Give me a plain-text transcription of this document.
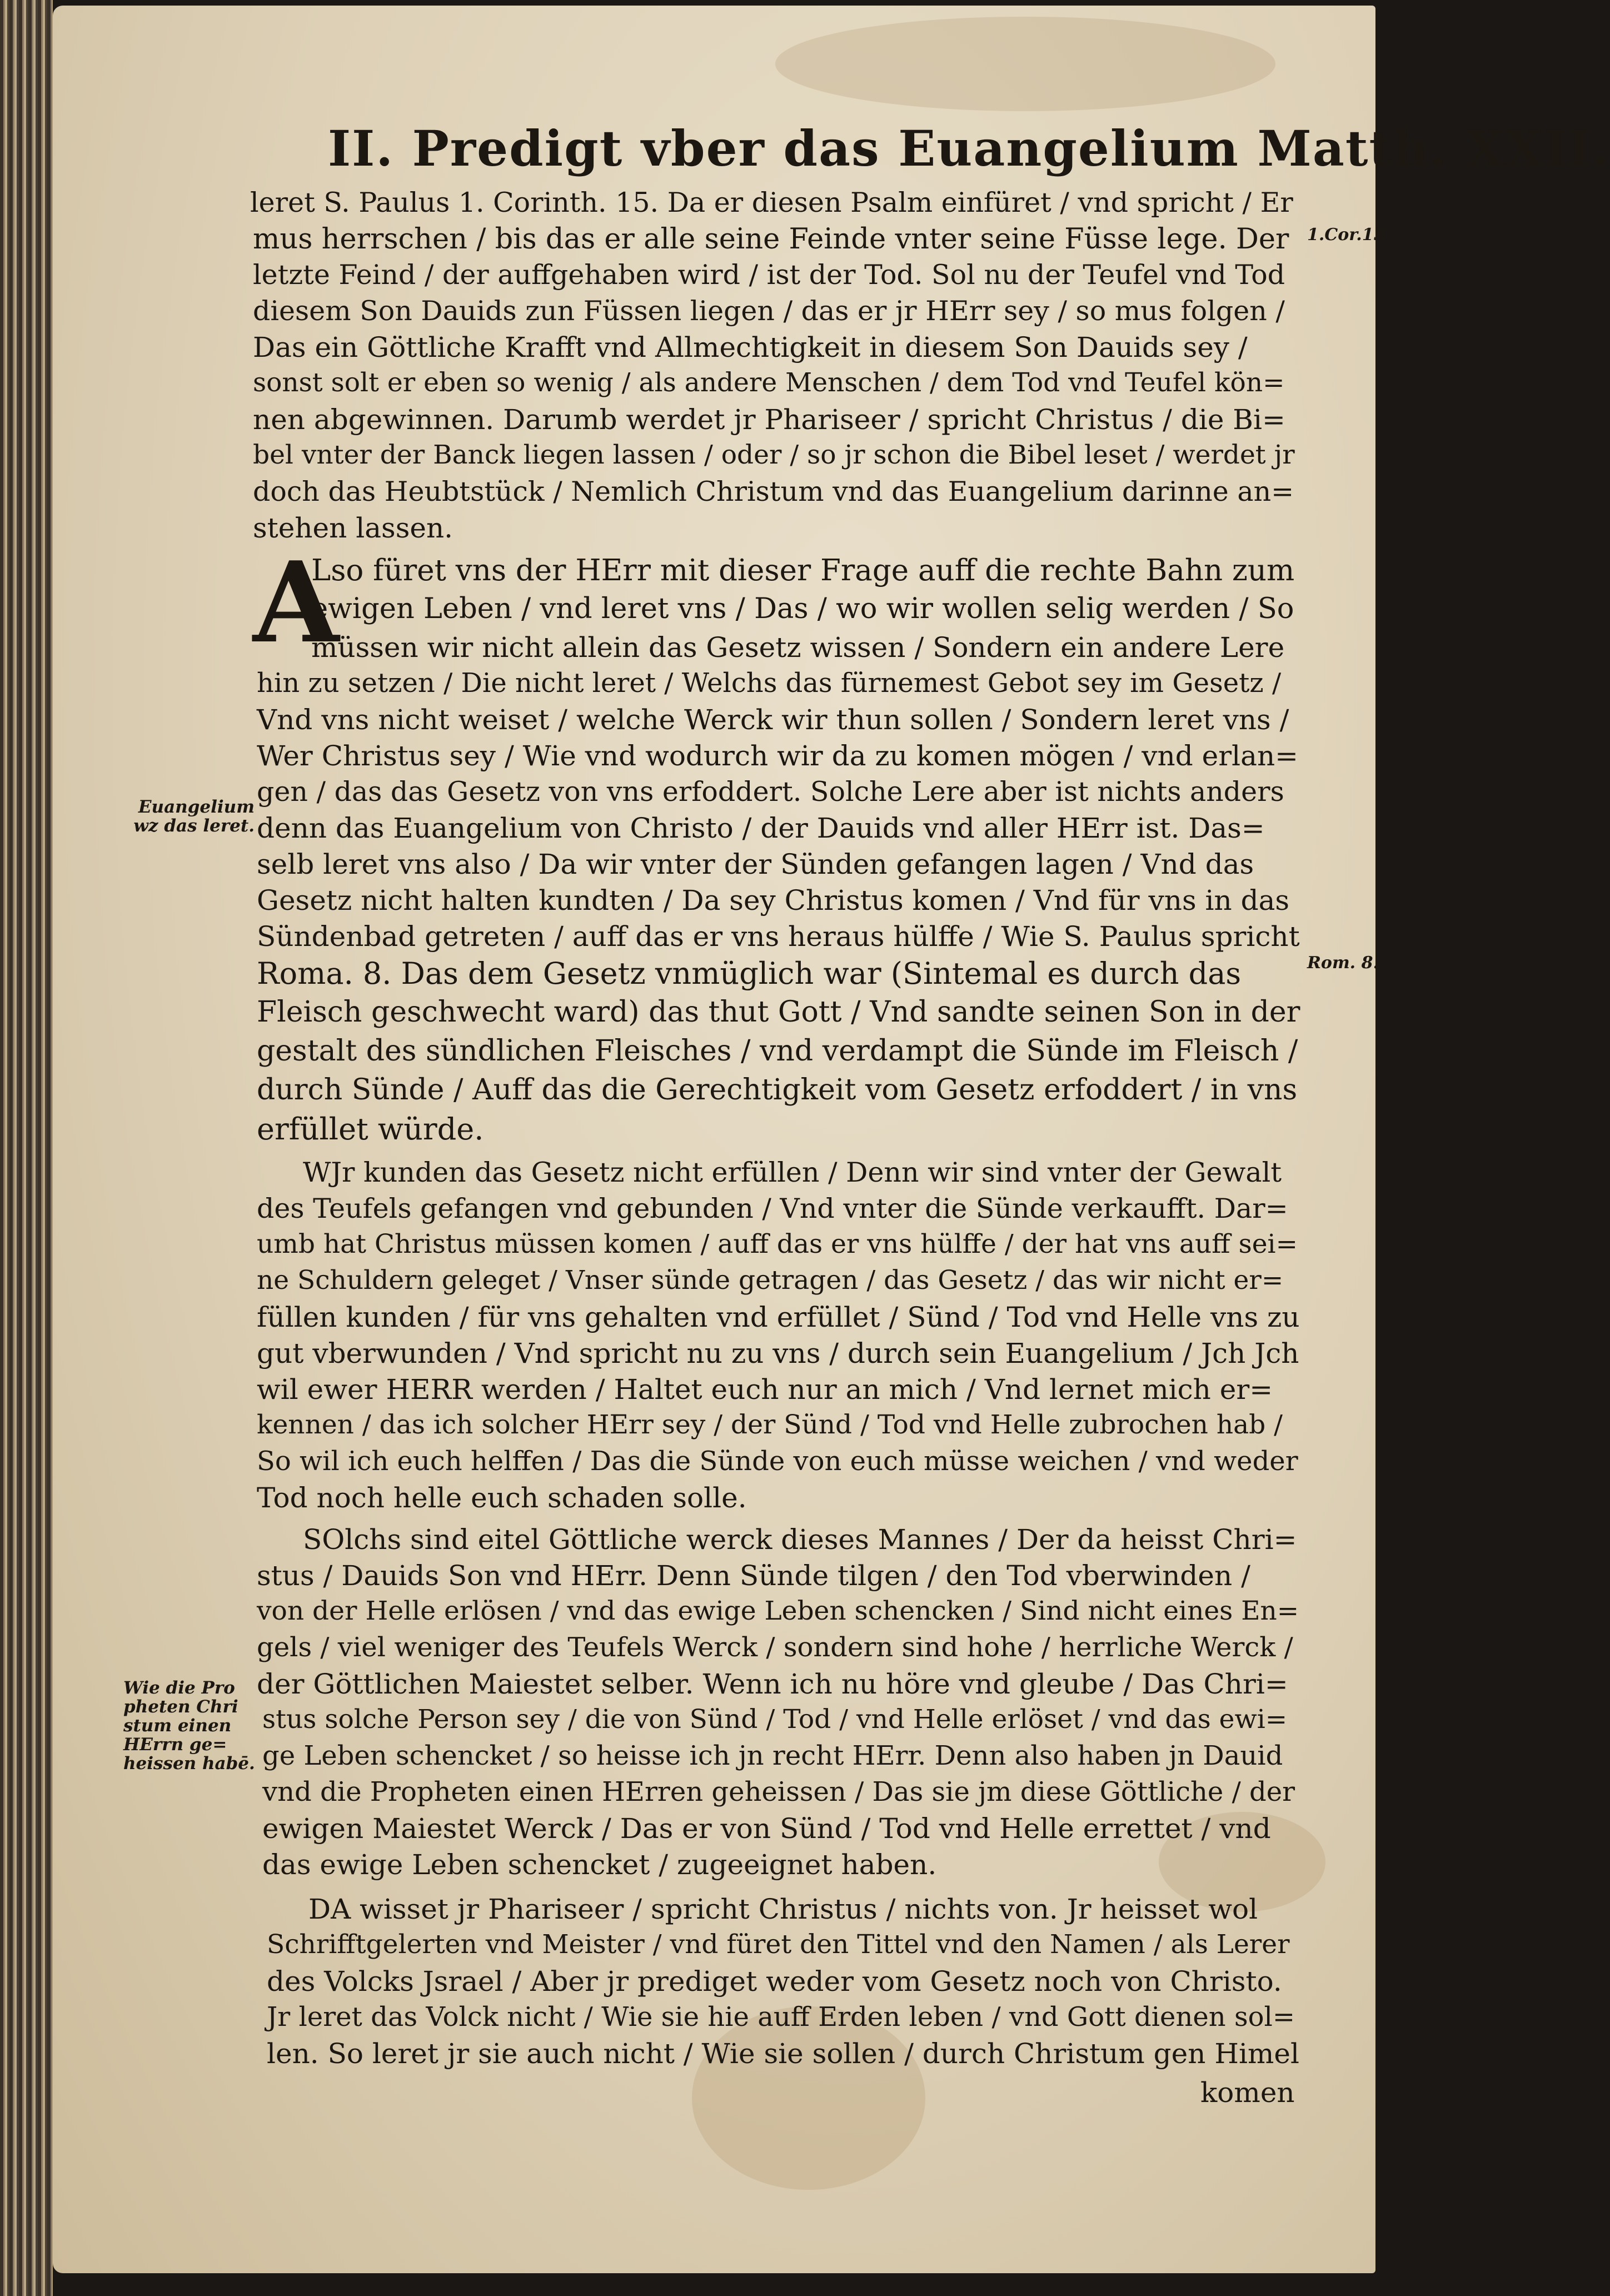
II. Predigt vber das Euangelium Matth. XXII.
1.Cor.15.
Rom. 8.
Euangelium
wz das leret.
Wie die Pro
pheten Chri
stum einen
HErrn ge=
heissen habē.
A
leret S. Paulus 1. Corinth. 15. Da er diesen Psalm einfüret / vnd spricht / Er
mus herrschen / bis das er alle seine Feinde vnter seine Füsse lege. Der
letzte Feind / der auffgehaben wird / ist der Tod. Sol nu der Teufel vnd Tod
diesem Son Dauids zun Füssen liegen / das er jr HErr sey / so mus folgen /
Das ein Göttliche Krafft vnd Allmechtigkeit in diesem Son Dauids sey /
sonst solt er eben so wenig / als andere Menschen / dem Tod vnd Teufel kön=
nen abgewinnen. Darumb werdet jr Phariseer / spricht Christus / die Bi=
bel vnter der Banck liegen lassen / oder / so jr schon die Bibel leset / werdet jr
doch das Heubtstück / Nemlich Christum vnd das Euangelium darinne an=
stehen lassen.
Lso füret vns der HErr mit dieser Frage auff die rechte Bahn zum
ewigen Leben / vnd leret vns / Das / wo wir wollen selig werden / So
müssen wir nicht allein das Gesetz wissen / Sondern ein andere Lere
hin zu setzen / Die nicht leret / Welchs das fürnemest Gebot sey im Gesetz /
Vnd vns nicht weiset / welche Werck wir thun sollen / Sondern leret vns /
Wer Christus sey / Wie vnd wodurch wir da zu komen mögen / vnd erlan=
gen / das das Gesetz von vns erfoddert. Solche Lere aber ist nichts anders
denn das Euangelium von Christo / der Dauids vnd aller HErr ist. Das=
selb leret vns also / Da wir vnter der Sünden gefangen lagen / Vnd das
Gesetz nicht halten kundten / Da sey Christus komen / Vnd für vns in das
Sündenbad getreten / auff das er vns heraus hülffe / Wie S. Paulus spricht
Roma. 8. Das dem Gesetz vnmüglich war (Sintemal es durch das
Fleisch geschwecht ward) das thut Gott / Vnd sandte seinen Son in der
gestalt des sündlichen Fleisches / vnd verdampt die Sünde im Fleisch /
durch Sünde / Auff das die Gerechtigkeit vom Gesetz erfoddert / in vns
erfüllet würde.
WJr kunden das Gesetz nicht erfüllen / Denn wir sind vnter der Gewalt
des Teufels gefangen vnd gebunden / Vnd vnter die Sünde verkaufft. Dar=
umb hat Christus müssen komen / auff das er vns hülffe / der hat vns auff sei=
ne Schuldern geleget / Vnser sünde getragen / das Gesetz / das wir nicht er=
füllen kunden / für vns gehalten vnd erfüllet / Sünd / Tod vnd Helle vns zu
gut vberwunden / Vnd spricht nu zu vns / durch sein Euangelium / Jch Jch
wil ewer HERR werden / Haltet euch nur an mich / Vnd lernet mich er=
kennen / das ich solcher HErr sey / der Sünd / Tod vnd Helle zubrochen hab /
So wil ich euch helffen / Das die Sünde von euch müsse weichen / vnd weder
Tod noch helle euch schaden solle.
SOlchs sind eitel Göttliche werck dieses Mannes / Der da heisst Chri=
stus / Dauids Son vnd HErr. Denn Sünde tilgen / den Tod vberwinden /
von der Helle erlösen / vnd das ewige Leben schencken / Sind nicht eines En=
gels / viel weniger des Teufels Werck / sondern sind hohe / herrliche Werck /
der Göttlichen Maiestet selber. Wenn ich nu höre vnd gleube / Das Chri=
stus solche Person sey / die von Sünd / Tod / vnd Helle erlöset / vnd das ewi=
ge Leben schencket / so heisse ich jn recht HErr. Denn also haben jn Dauid
vnd die Propheten einen HErren geheissen / Das sie jm diese Göttliche / der
ewigen Maiestet Werck / Das er von Sünd / Tod vnd Helle errettet / vnd
das ewige Leben schencket / zugeeignet haben.
DA wisset jr Phariseer / spricht Christus / nichts von. Jr heisset wol
Schrifftgelerten vnd Meister / vnd füret den Tittel vnd den Namen / als Lerer
des Volcks Jsrael / Aber jr prediget weder vom Gesetz noch von Christo.
Jr leret das Volck nicht / Wie sie hie auff Erden leben / vnd Gott dienen sol=
len. So leret jr sie auch nicht / Wie sie sollen / durch Christum gen Himel
komen
